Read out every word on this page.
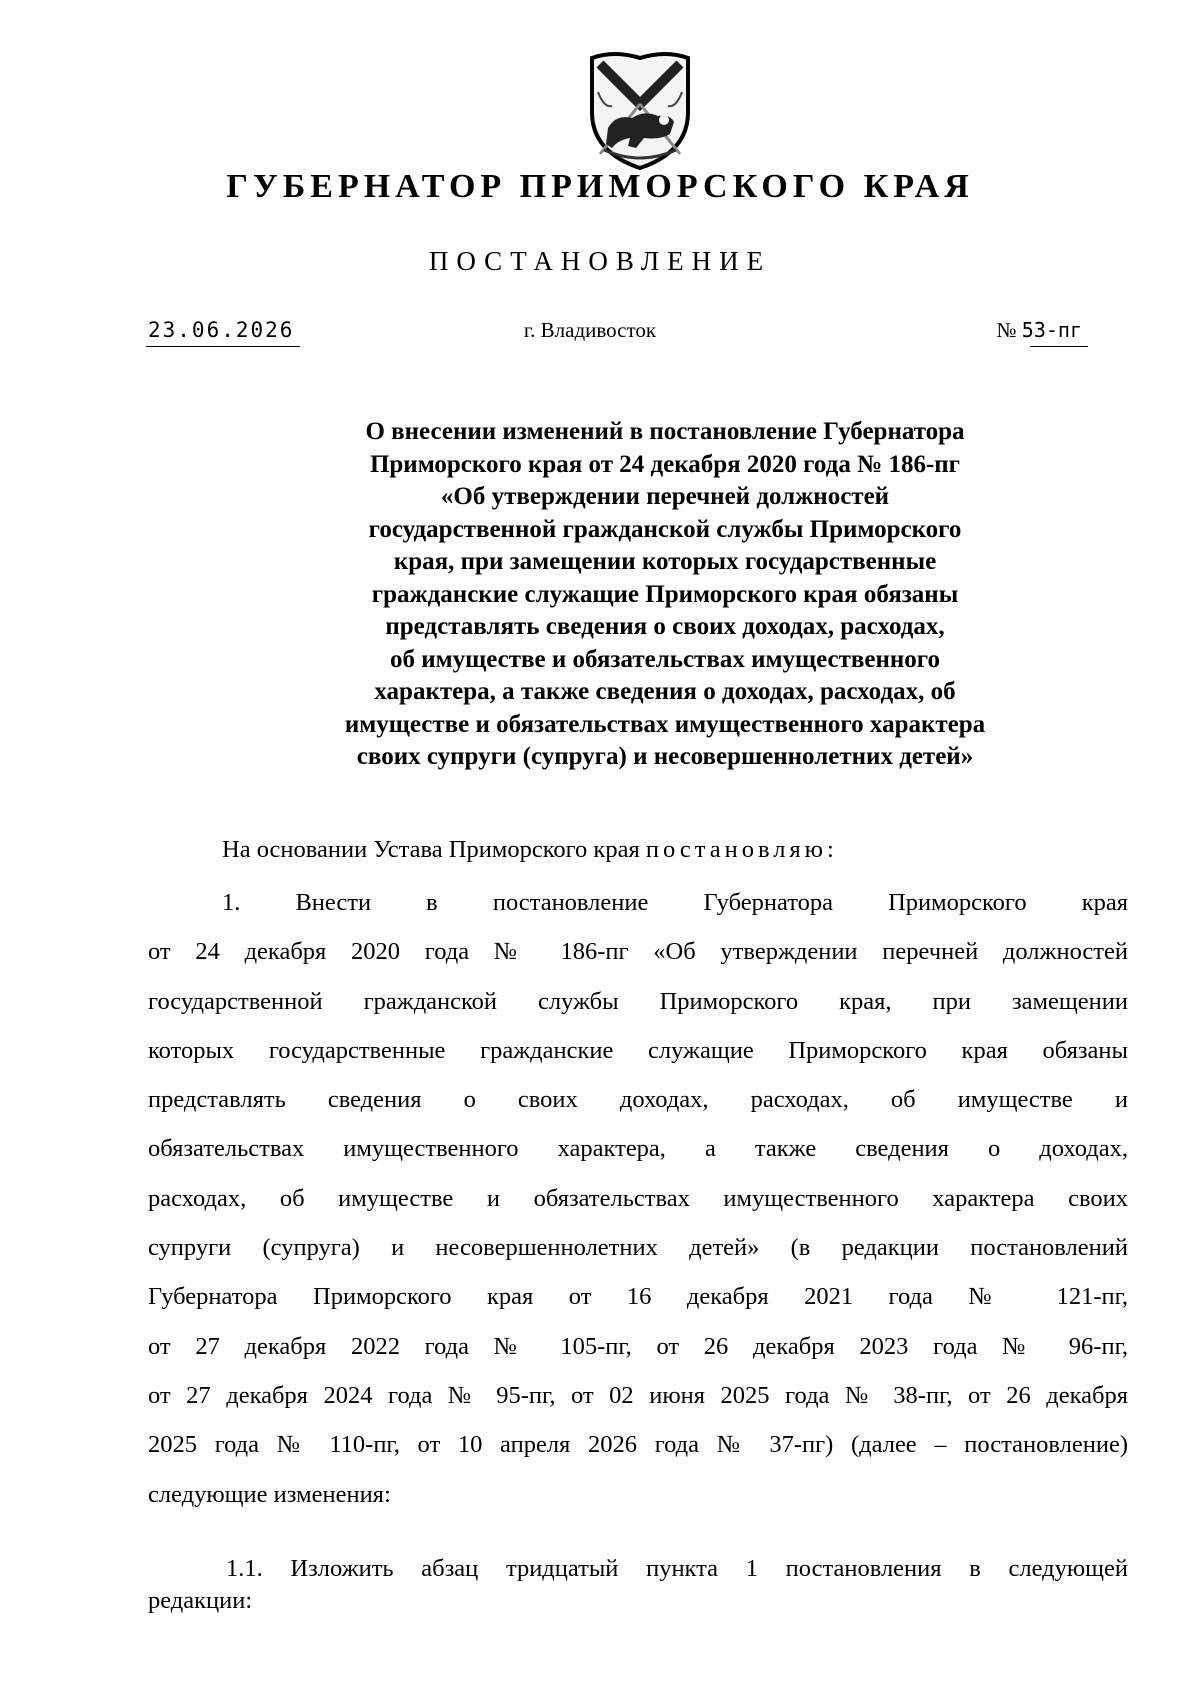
ГУБЕРНАТОР ПРИМОРСКОГО КРАЯ
ПОСТАНОВЛЕНИЕ
23.06.2026	г. Владивосток	№ 53-пг
О внесении изменений в постановление Губернатора
Приморского края от 24 декабря 2020 года № 186-пг
«Об утверждении перечней должностей
государственной гражданской службы Приморского
края, при замещении которых государственные
гражданские служащие Приморского края обязаны
представлять сведения о своих доходах, расходах,
об имуществе и обязательствах имущественного
характера, а также сведения о доходах, расходах, об
имуществе и обязательствах имущественного характера
своих супруги (супруга) и несовершеннолетних детей»
На основании Устава Приморского края постановляю:
1. Внести в постановление Губернатора Приморского края
от 24 декабря 2020 года № 186-пг «Об утверждении перечней должностей
государственной гражданской службы Приморского края, при замещении
которых государственные гражданские служащие Приморского края обязаны
представлять сведения о своих доходах, расходах, об имуществе и
обязательствах имущественного характера, а также сведения о доходах,
расходах, об имуществе и обязательствах имущественного характера своих
супруги (супруга) и несовершеннолетних детей» (в редакции постановлений
Губернатора Приморского края от 16 декабря 2021 года № 121-пг,
от 27 декабря 2022 года № 105-пг, от 26 декабря 2023 года № 96-пг,
от 27 декабря 2024 года № 95-пг, от 02 июня 2025 года № 38-пг, от 26 декабря
2025 года № 110-пг, от 10 апреля 2026 года № 37-пг) (далее – постановление)
следующие изменения:
1.1. Изложить абзац тридцатый пункта 1 постановления в следующей
редакции:
